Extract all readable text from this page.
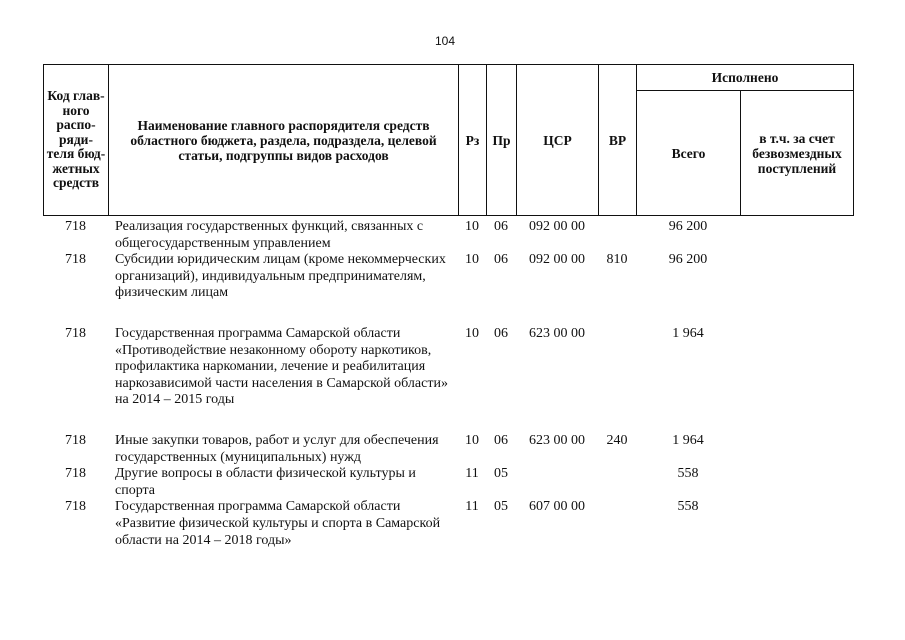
104
Код глав-ного распо-ряди-теля бюд-жетных средств	Наименование главного распорядителя средств областного бюджета, раздела, подраздела, целевой статьи, подгруппы видов расходов	Рз	Пр	ЦСР	ВР	Исполнено	
						Всего	в т.ч. за счет безвозмездных поступлений
718	Реализация государственных функций, связанных с общегосударственным управлением	10	06	092 00 00		96 200	
718	Субсидии юридическим лицам (кроме некоммерческих организаций), индивидуальным предпринимателям, физическим лицам	10	06	092 00 00	810	96 200	

718	Государственная программа Самарской области «Противодействие незаконному обороту наркотиков, профилактика наркомании, лечение и реабилитация наркозависимой части населения в Самарской области» на 2014 – 2015 годы	10	06	623 00 00		1 964	

718	Иные закупки товаров, работ и услуг для обеспечения государственных (муниципальных) нужд	10	06	623 00 00	240	1 964	
718	Другие вопросы в области физической культуры и спорта	11	05			558	
718	Государственная программа Самарской области «Развитие физической культуры и спорта в Самарской области на 2014 – 2018 годы»	11	05	607 00 00		558	
